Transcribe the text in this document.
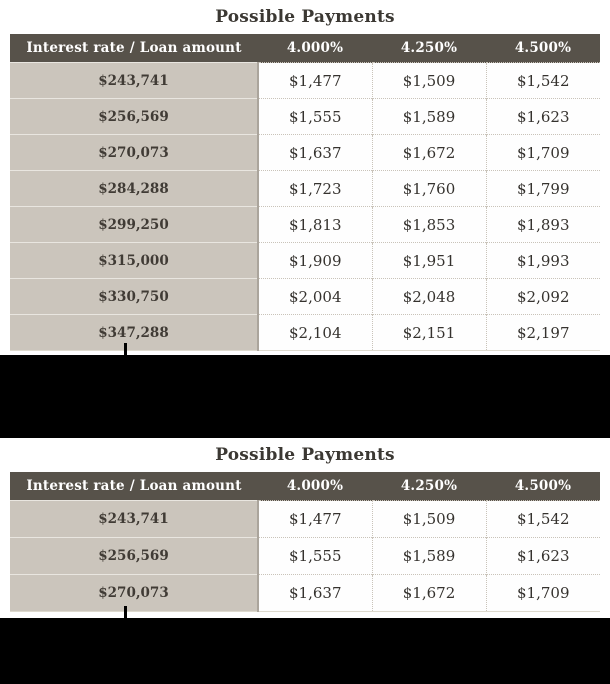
Possible Payments
Interest rate / Loan amount	4.000%	4.250%	4.500%
$243,741	$1,477	$1,509	$1,542
$256,569	$1,555	$1,589	$1,623
$270,073	$1,637	$1,672	$1,709
$284,288	$1,723	$1,760	$1,799
$299,250	$1,813	$1,853	$1,893
$315,000	$1,909	$1,951	$1,993
$330,750	$2,004	$2,048	$2,092
$347,288	$2,104	$2,151	$2,197
Possible Payments
Interest rate / Loan amount	4.000%	4.250%	4.500%
$243,741	$1,477	$1,509	$1,542
$256,569	$1,555	$1,589	$1,623
$270,073	$1,637	$1,672	$1,709
